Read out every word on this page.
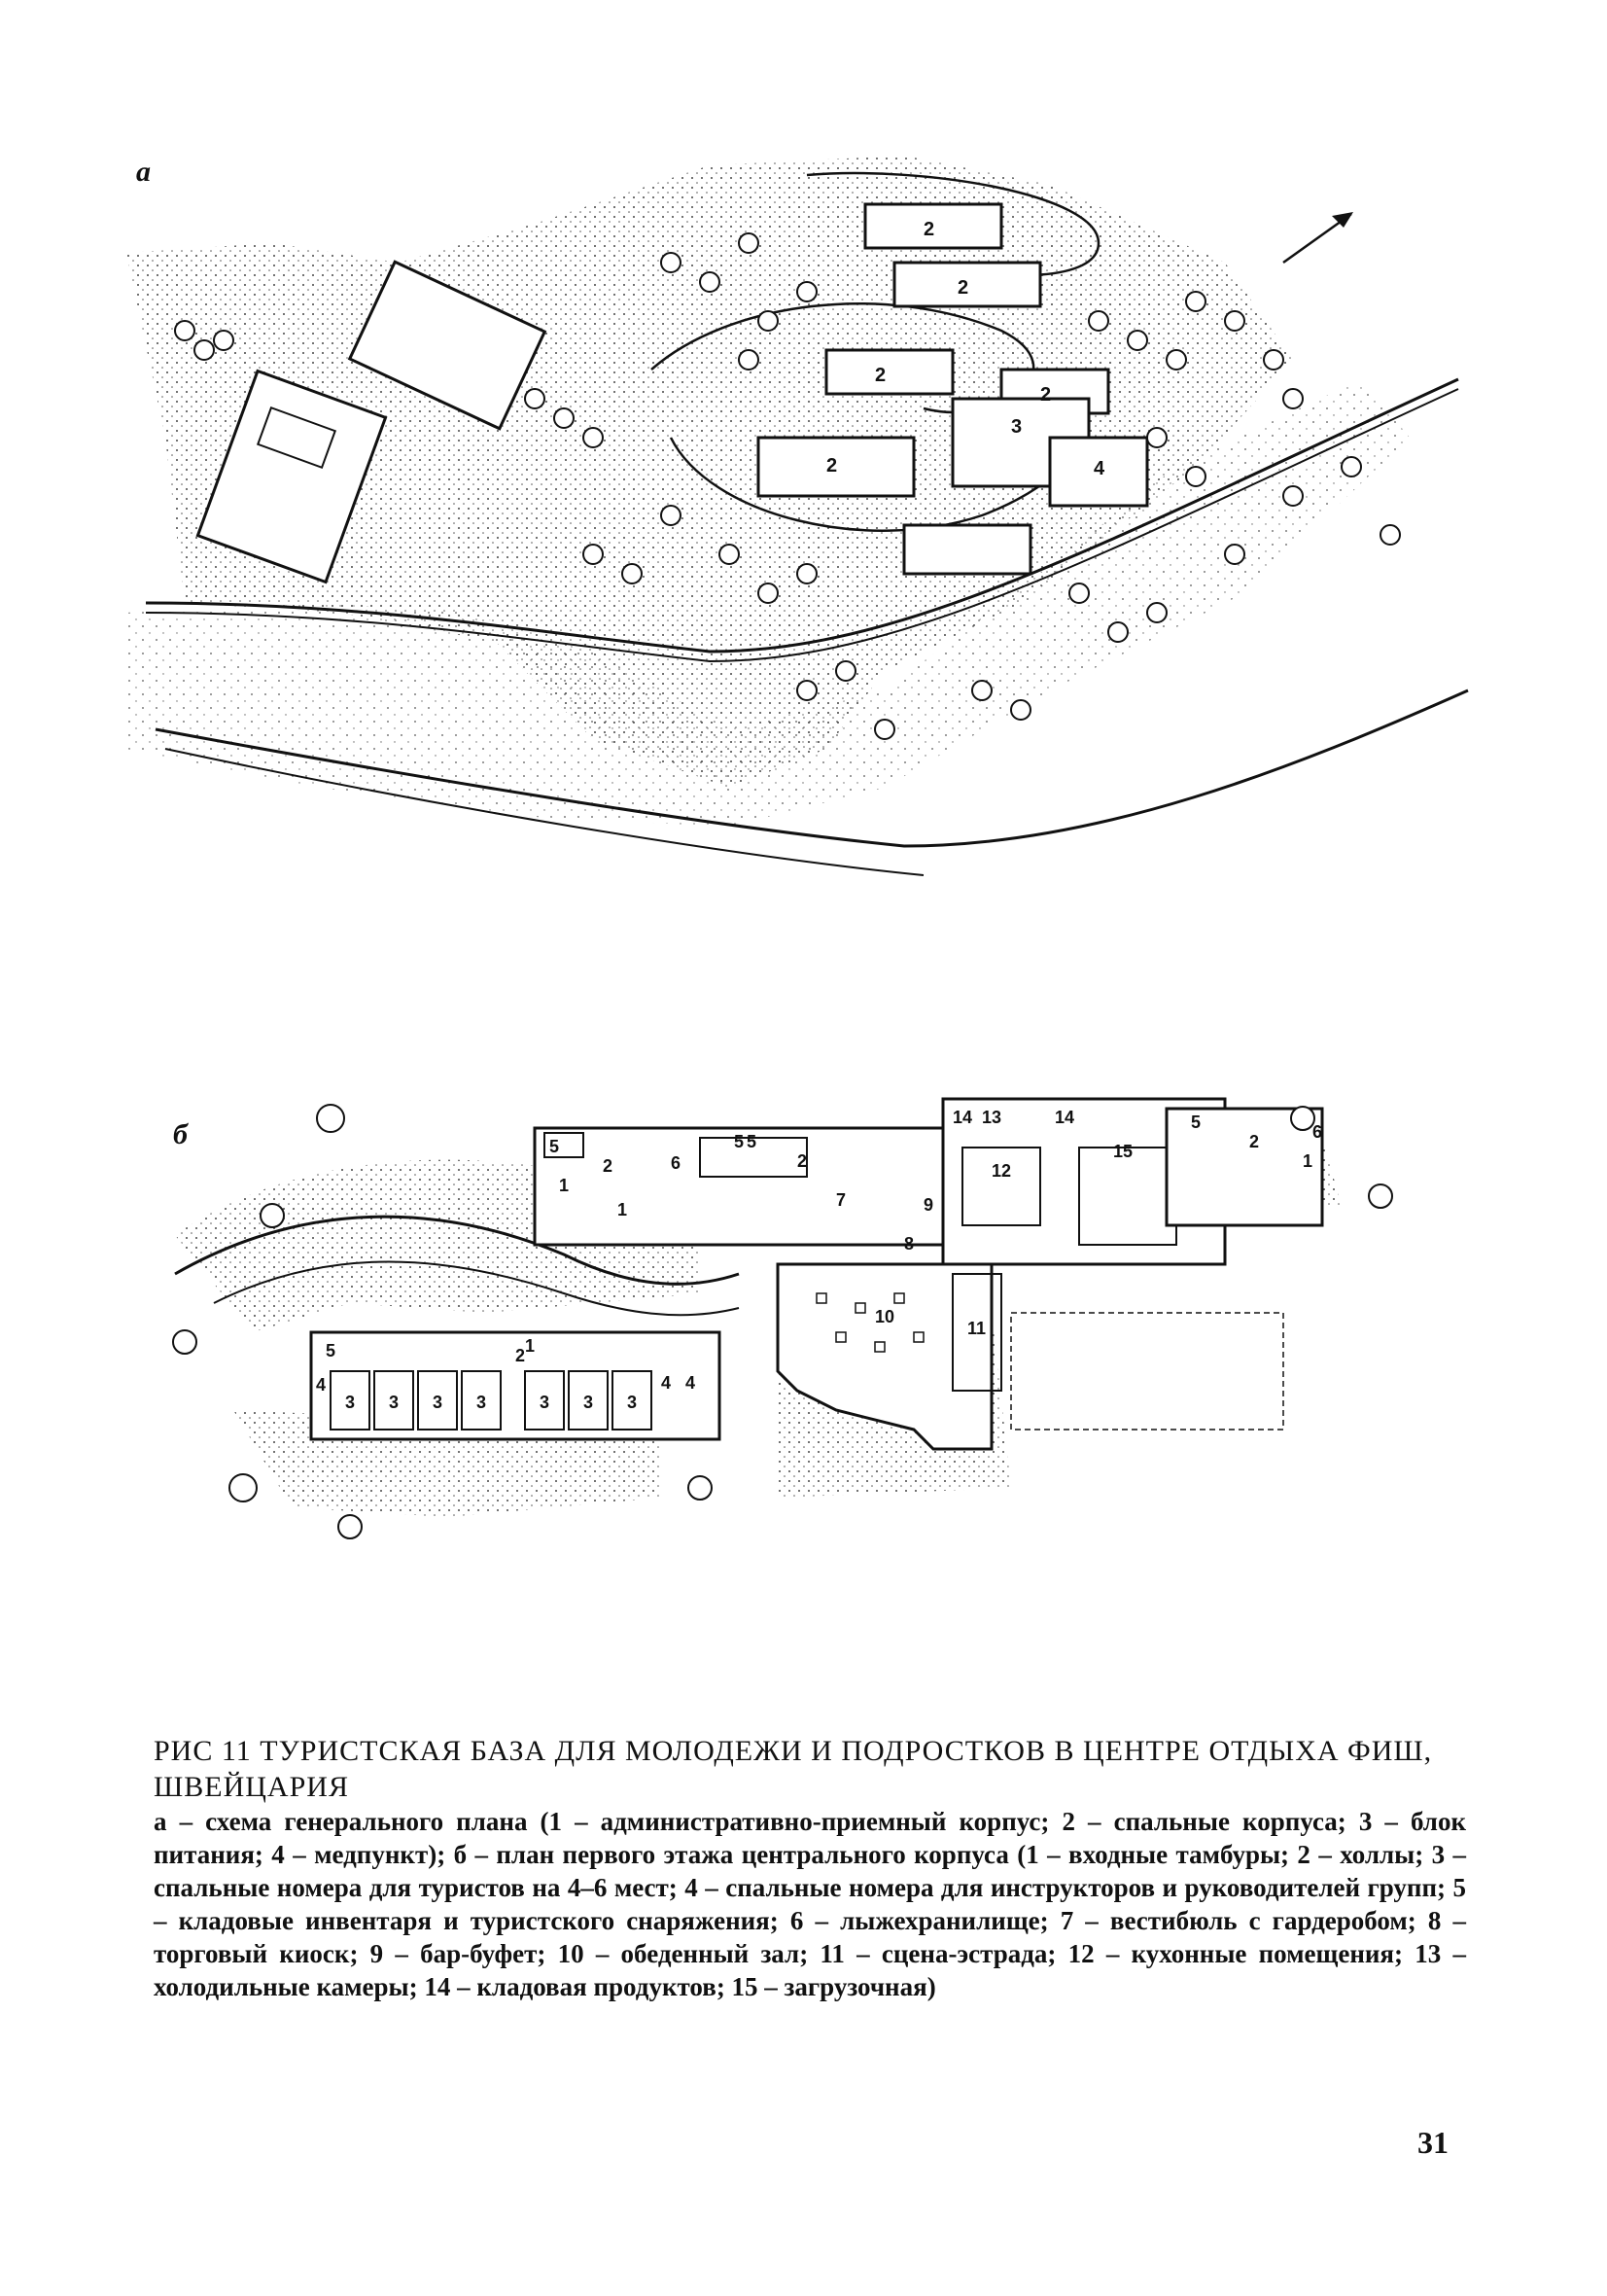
а
2
2
2
2
2
3
4
б	5
2	6
5 5
2
1
1	7	9
8
14 13	14
12
15
5
2	6
1
5	2 1
4
3 3 3 3	3 3 3
4 4
10
11
РИС 11 ТУРИСТСКАЯ БАЗА ДЛЯ МОЛОДЕЖИ И ПОДРОСТКОВ В ЦЕНТРЕ ОТДЫХА ФИШ, ШВЕЙЦАРИЯ
а – схема генерального плана (1 – административно-приемный корпус; 2 – спальные корпуса; 3 – блок питания; 4 – медпункт); б – план первого этажа центрального корпуса (1 – входные тамбуры; 2 – холлы; 3 – спальные номера для туристов на 4–6 мест; 4 – спальные номера для инструкторов и руководителей групп; 5 – кладовые инвентаря и туристского снаряжения; 6 – лыжехранилище; 7 – вестибюль с гардеробом; 8 – торговый киоск; 9 – бар-буфет; 10 – обеденный зал; 11 – сцена-эстрада; 12 – кухонные помещения; 13 – холодильные камеры; 14 – кладовая продуктов; 15 – загрузочная)
31
